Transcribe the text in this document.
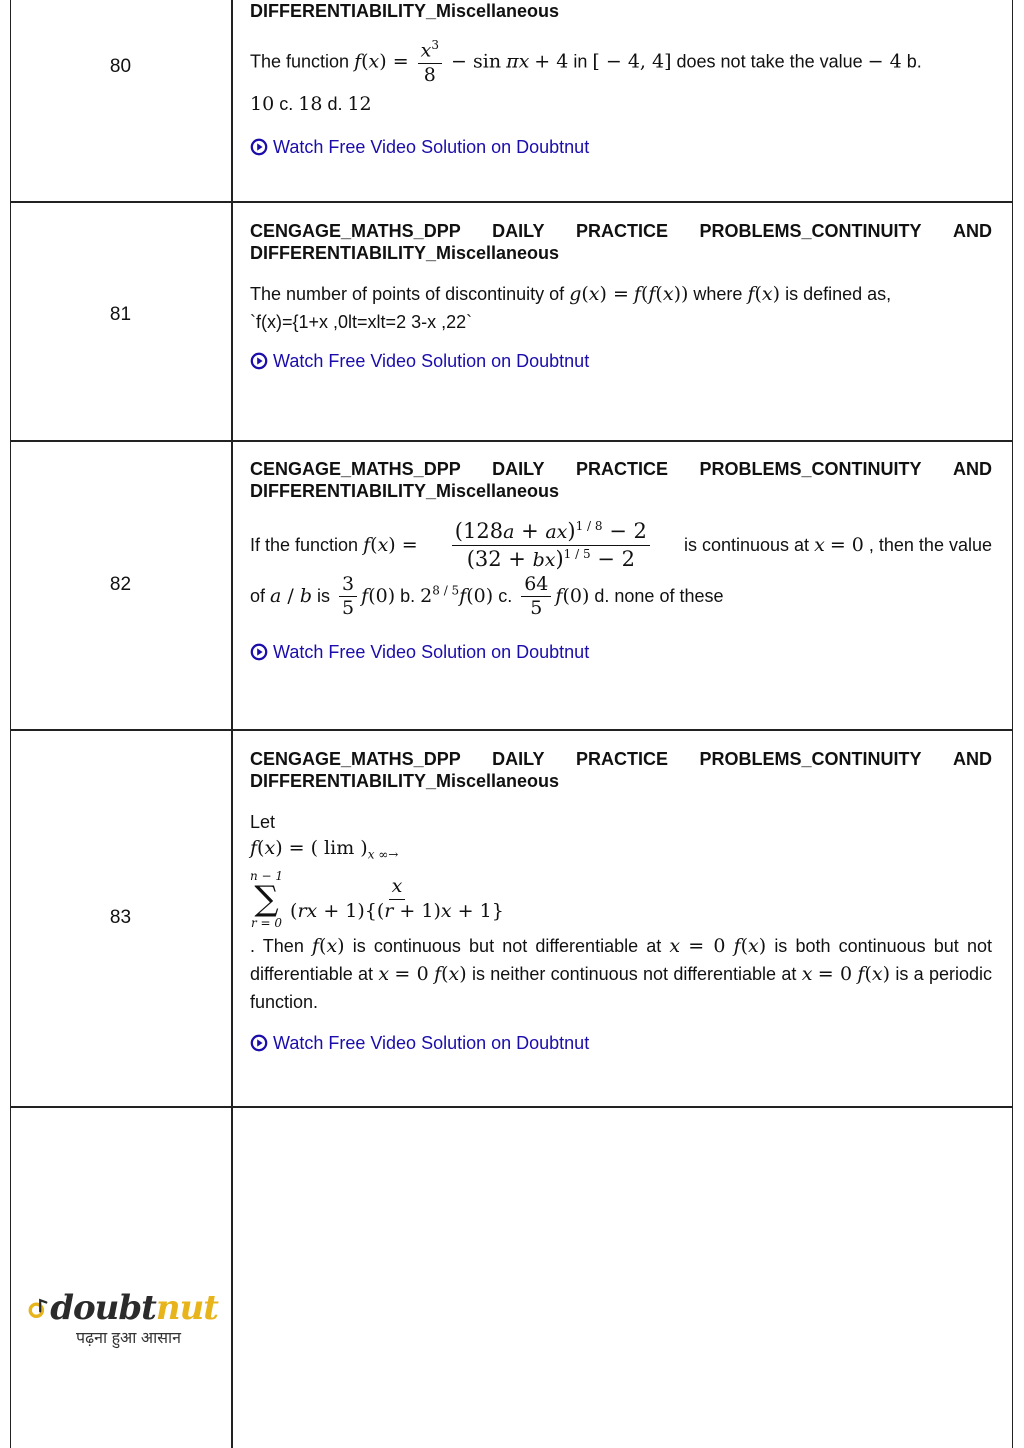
80
DIFFERENTIABILITY_Miscellaneous
The function $f(x) = \frac{x^3}{8} - \sin \pi x + 4$ in [ − 4, 4] does not take the value − 4 b.
10 c. 18 d. 12
Watch Free Video Solution on Doubtnut
81
CENGAGE_MATHS_DPP DAILY PRACTICE PROBLEMS_CONTINUITY AND
DIFFERENTIABILITY_Miscellaneous
The number of points of discontinuity of g(x) = f(f(x)) where f(x) is defined as,
`f(x)={1+x ,0lt=xlt=2 3-x ,22`
Watch Free Video Solution on Doubtnut
82
CENGAGE_MATHS_DPP DAILY PRACTICE PROBLEMS_CONTINUITY AND
DIFFERENTIABILITY_Miscellaneous
If the function $f(x) = \frac{(128a + ax)^{1 / 8} - 2}{(32 + bx)^{1 / 5} - 2}$ is continuous at x = 0 , then the value
of a / b is $\frac{3}{5} f(0)$ b. $2^{8 / 5}f(0)$ c. $\frac{64}{5} f(0)$ d. none of these
Watch Free Video Solution on Doubtnut
83
CENGAGE_MATHS_DPP DAILY PRACTICE PROBLEMS_CONTINUITY AND
DIFFERENTIABILITY_Miscellaneous
Let
f(x) = ( $\lim )_{x \infty\to}$
n − 1
∑
$r = 0 \frac{x}{(rx + 1)\{(r + 1)x + 1\}}$
. Then f(x) is continuous but not differentiable at x = 0 f(x) is both continuous but not differentiable at x = 0 f(x) is neither continuous not differentiable at x = 0 f(x) is a periodic function.
Watch Free Video Solution on Doubtnut
doubtnut
पढ़ना हुआ आसान
